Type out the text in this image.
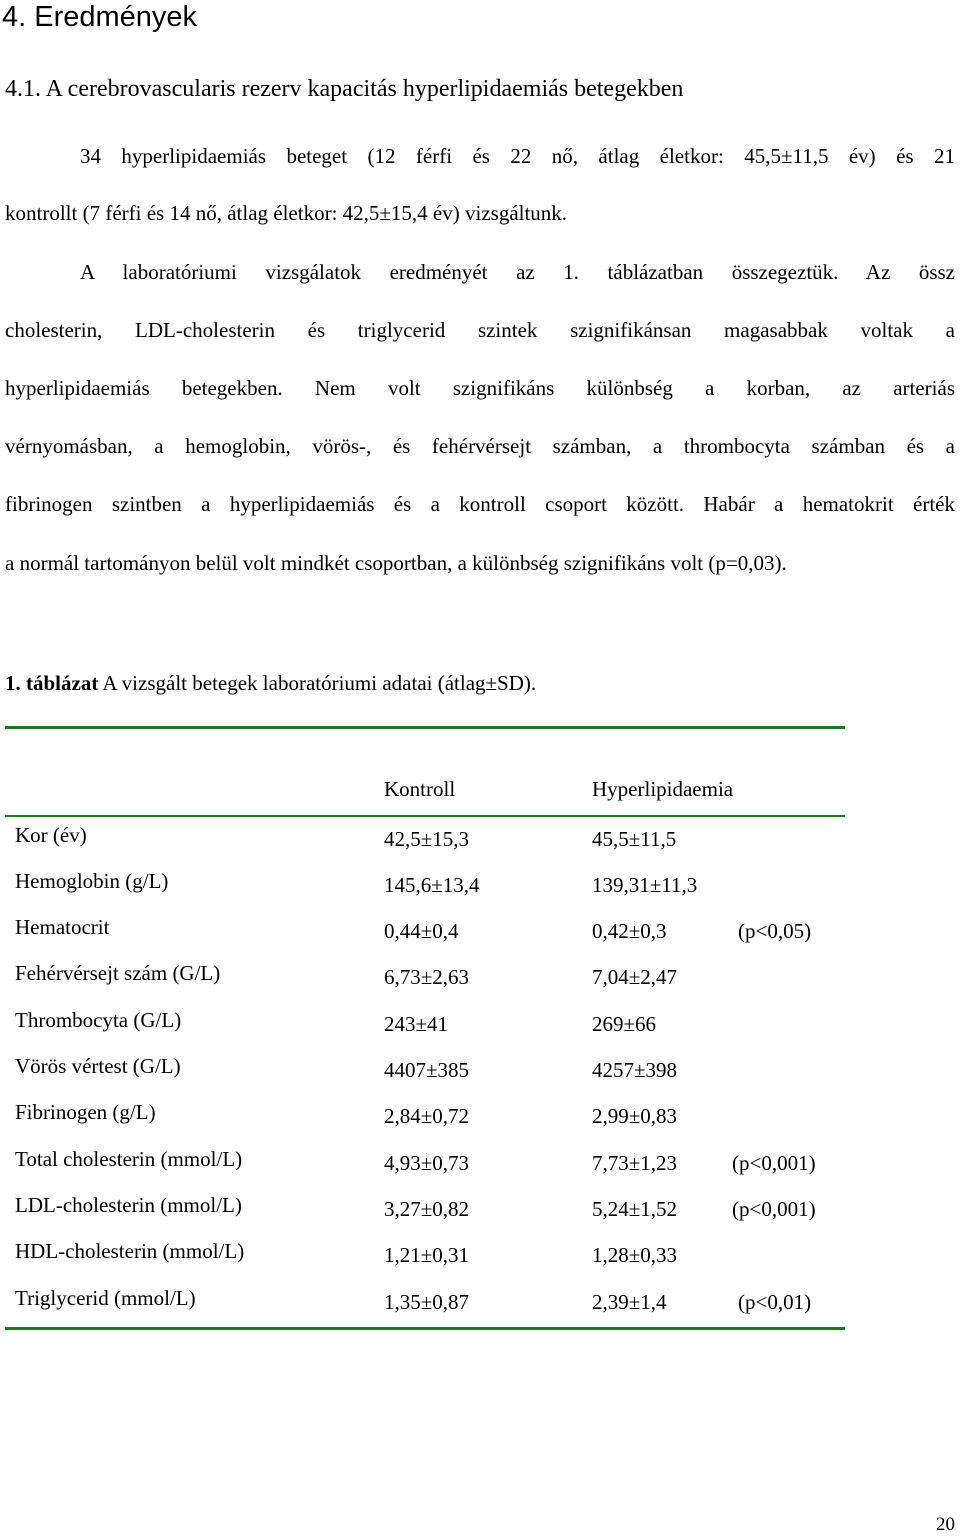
4. Eredmények
4.1. A cerebrovascularis rezerv kapacitás hyperlipidaemiás betegekben
34 hyperlipidaemiás beteget (12 férfi és 22 nő, átlag életkor: 45,5±11,5 év) és 21
kontrollt (7 férfi és 14 nő, átlag életkor: 42,5±15,4 év) vizsgáltunk.
A laboratóriumi vizsgálatok eredményét az 1. táblázatban összegeztük. Az össz
cholesterin, LDL-cholesterin és triglycerid szintek szignifikánsan magasabbak voltak a
hyperlipidaemiás betegekben. Nem volt szignifikáns különbség a korban, az arteriás
vérnyomásban, a hemoglobin, vörös-, és fehérvérsejt számban, a thrombocyta számban és a
fibrinogen szintben a hyperlipidaemiás és a kontroll csoport között. Habár a hematokrit érték
a normál tartományon belül volt mindkét csoportban, a különbség szignifikáns volt (p=0,03).
1. táblázat A vizsgált betegek laboratóriumi adatai (átlag±SD).
Kontroll	Hyperlipidaemia
Kor (év)	42,5±15,3	45,5±11,5
Hemoglobin (g/L)	145,6±13,4	139,31±11,3
Hematocrit	0,44±0,4	0,42±0,3	(p<0,05)
Fehérvérsejt szám (G/L)	6,73±2,63	7,04±2,47
Thrombocyta (G/L)	243±41	269±66
Vörös vértest (G/L)	4407±385	4257±398
Fibrinogen (g/L)	2,84±0,72	2,99±0,83
Total cholesterin (mmol/L)	4,93±0,73	7,73±1,23	(p<0,001)
LDL-cholesterin (mmol/L)	3,27±0,82	5,24±1,52	(p<0,001)
HDL-cholesterin (mmol/L)	1,21±0,31	1,28±0,33
Triglycerid (mmol/L)	1,35±0,87	2,39±1,4	(p<0,01)
20
